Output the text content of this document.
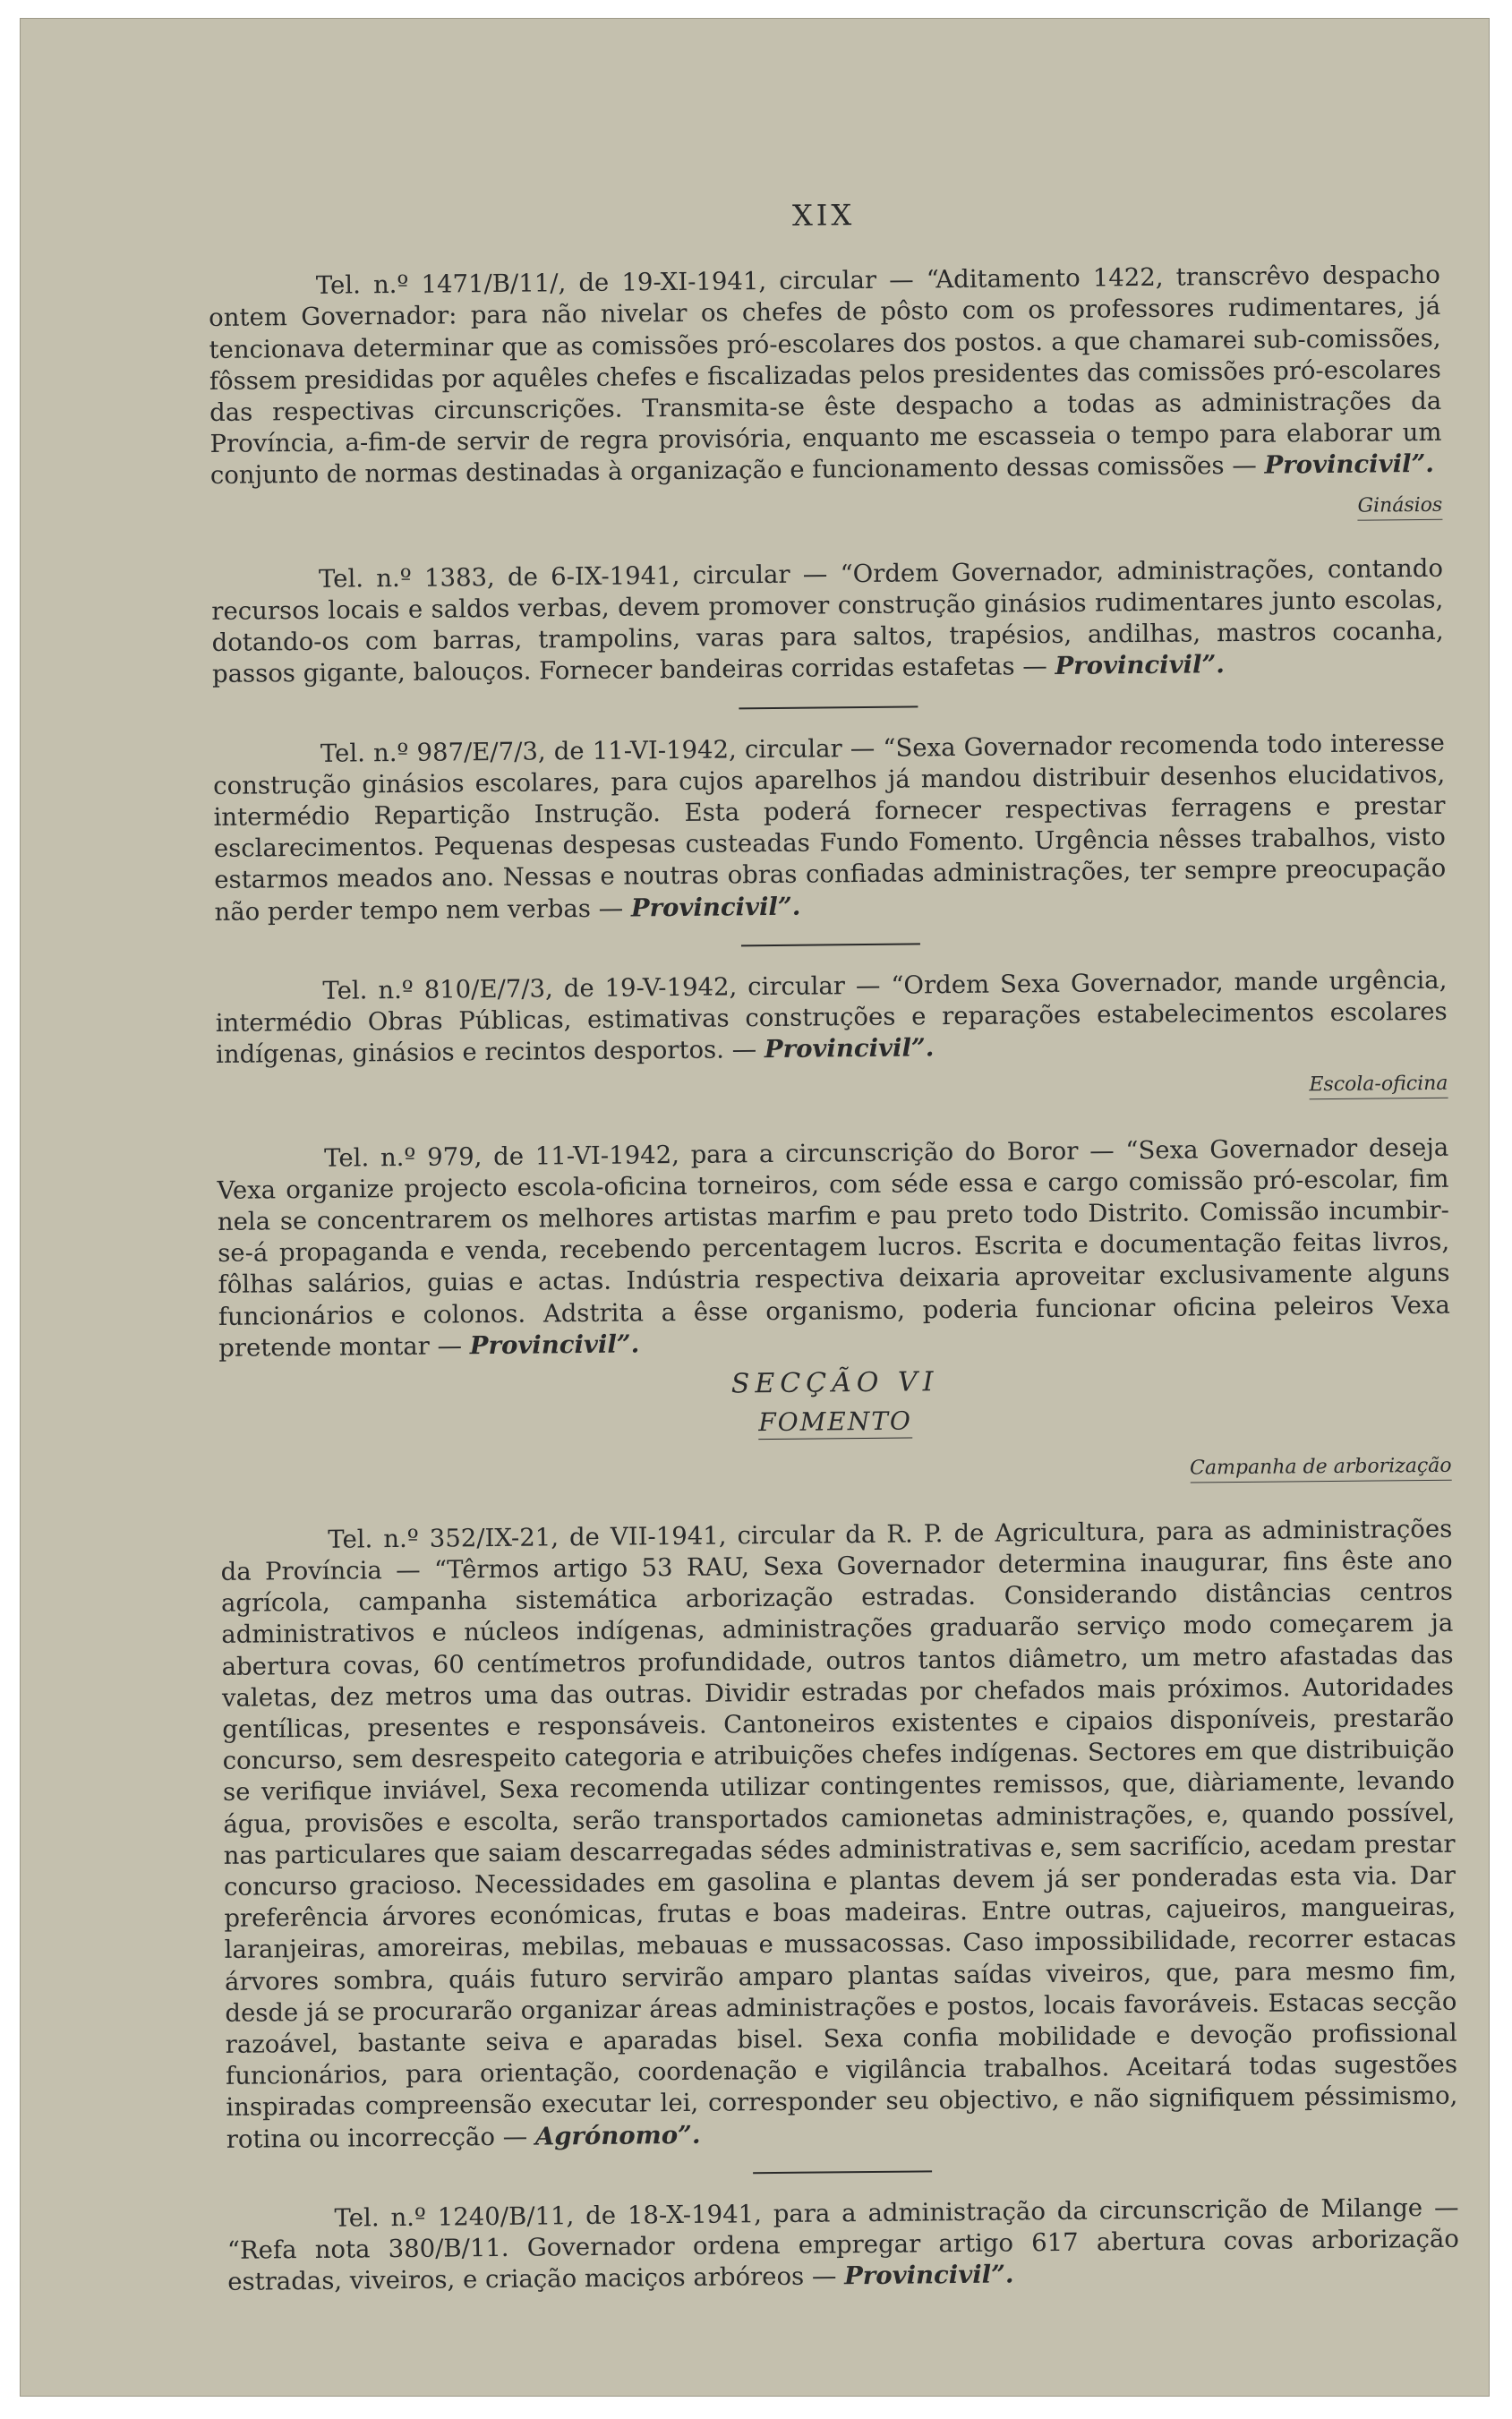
XIX

Tel. n.º 1471/B/11/, de 19-XI-1941, circular — “Aditamento 1422, transcrêvo despacho ontem Governador: para não nivelar os chefes de pôsto com os professores rudimentares, já tencionava determinar que as comissões pró-escolares dos postos. a que chamarei sub-comissões, fôssem presididas por aquêles chefes e fiscalizadas pelos presidentes das comissões pró-escolares das respectivas circunscrições. Transmita-se êste despacho a todas as administrações da Província, a-fim-de servir de regra provisória, enquanto me escasseia o tempo para elaborar um conjunto de normas destinadas à organização e funcionamento dessas comissões — Provincivil”.

Ginásios

Tel. n.º 1383, de 6-IX-1941, circular — “Ordem Governador, administrações, contando recursos locais e saldos verbas, devem promover construção ginásios rudimentares junto escolas, dotando-os com barras, trampolins, varas para saltos, trapésios, andilhas, mastros cocanha, passos gigante, balouços. Fornecer bandeiras corridas estafetas — Provincivil”.

Tel. n.º 987/E/7/3, de 11-VI-1942, circular — “Sexa Governador recomenda todo interesse construção ginásios escolares, para cujos aparelhos já mandou distribuir desenhos elucidativos, intermédio Repartição Instrução. Esta poderá fornecer respectivas ferragens e prestar esclarecimentos. Pequenas despesas custeadas Fundo Fomento. Urgência nêsses trabalhos, visto estarmos meados ano. Nessas e noutras obras confiadas administrações, ter sempre preocupação não perder tempo nem verbas — Provincivil”.

Tel. n.º 810/E/7/3, de 19-V-1942, circular — “Ordem Sexa Governador, mande urgência, intermédio Obras Públicas, estimativas construções e reparações estabelecimentos escolares indígenas, ginásios e recintos desportos. — Provincivil”.

Escola-oficina

Tel. n.º 979, de 11-VI-1942, para a circunscrição do Boror — “Sexa Governador deseja Vexa organize projecto escola-oficina torneiros, com séde essa e cargo comissão pró-escolar, fim nela se concentrarem os melhores artistas marfim e pau preto todo Distrito. Comissão incumbir-se-á propaganda e venda, recebendo percentagem lucros. Escrita e documentação feitas livros, fôlhas salários, guias e actas. Indústria respectiva deixaria aproveitar exclusivamente alguns funcionários e colonos. Adstrita a êsse organismo, poderia funcionar oficina peleiros Vexa pretende montar — Provincivil”.

SECÇÃO VI
FOMENTO
Campanha de arborização

Tel. n.º 352/IX-21, de VII-1941, circular da R. P. de Agricultura, para as administrações da Província — “Têrmos artigo 53 RAU, Sexa Governador determina inaugurar, fins êste ano agrícola, campanha sistemática arborização estradas. Considerando distâncias centros administrativos e núcleos indígenas, administrações graduarão serviço modo começarem ja abertura covas, 60 centímetros profundidade, outros tantos diâmetro, um metro afastadas das valetas, dez metros uma das outras. Dividir estradas por chefados mais próximos. Autoridades gentílicas, presentes e responsáveis. Cantoneiros existentes e cipaios disponíveis, prestarão concurso, sem desrespeito categoria e atribuições chefes indígenas. Sectores em que distribuição se verifique inviável, Sexa recomenda utilizar contingentes remissos, que, diàriamente, levando água, provisões e escolta, serão transportados camionetas administrações, e, quando possível, nas particulares que saiam descarregadas sédes administrativas e, sem sacrifício, acedam prestar concurso gracioso. Necessidades em gasolina e plantas devem já ser ponderadas esta via. Dar preferência árvores económicas, frutas e boas madeiras. Entre outras, cajueiros, mangueiras, laranjeiras, amoreiras, mebilas, mebauas e mussacossas. Caso impossibilidade, recorrer estacas árvores sombra, quáis futuro servirão amparo plantas saídas viveiros, que, para mesmo fim, desde já se procurarão organizar áreas administrações e postos, locais favoráveis. Estacas secção razoável, bastante seiva e aparadas bisel. Sexa confia mobilidade e devoção profissional funcionários, para orientação, coordenação e vigilância trabalhos. Aceitará todas sugestões inspiradas compreensão executar lei, corresponder seu objectivo, e não signifiquem péssimismo, rotina ou incorrecção — Agrónomo”.

Tel. n.º 1240/B/11, de 18-X-1941, para a administração da circunscrição de Milange — “Refa nota 380/B/11. Governador ordena empregar artigo 617 abertura covas arborização estradas, viveiros, e criação maciços arbóreos — Provincivil”.
